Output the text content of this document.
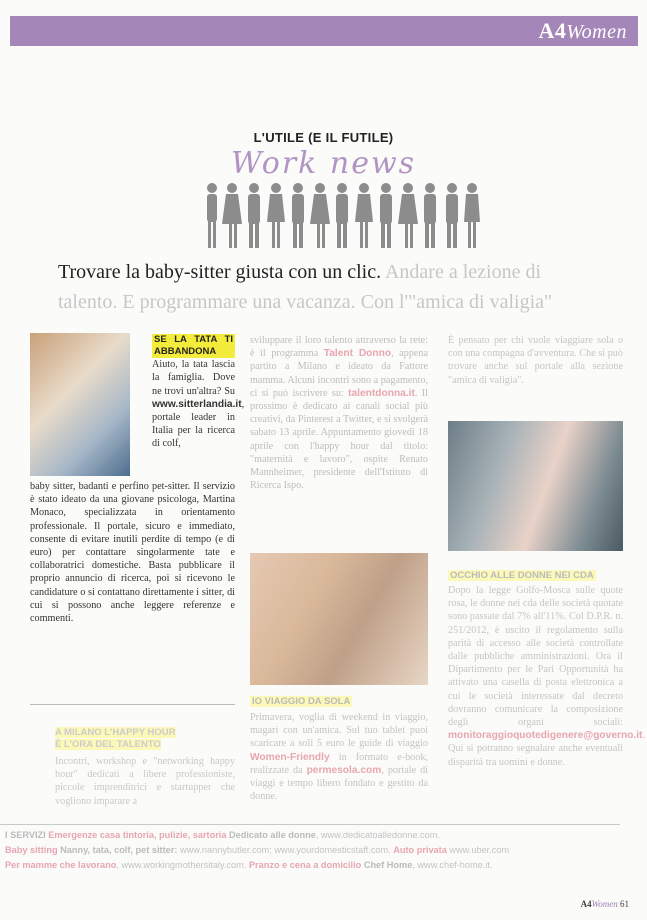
A4Women
L'UTILE (E IL FUTILE)
Work news
Trovare la baby-sitter giusta con un clic. Andare a lezione di talento. E programmare una vacanza. Con l'"amica di valigia"
SE LA TATA TI ABBANDONA Aiuto, la tata lascia la famiglia. Dove ne trovi un'altra? Su www.sitterlandia.it, portale leader in Italia per la ricerca di colf,
baby sitter, badanti e perfino pet-sitter. Il servizio è stato ideato da una giovane psicologa, Martina Monaco, specializzata in orientamento professionale. Il portale, sicuro e immediato, consente di evitare inutili perdite di tempo (e di euro) per contattare singolarmente tate e collaboratrici domestiche. Basta pubblicare il proprio annuncio di ricerca, poi si ricevono le candidature o si contattano direttamente i sitter, di cui si possono anche leggere referenze e commenti.
A MILANO L'HAPPY HOUR
È L'ORA DEL TALENTO
Incontri, workshop e "networking happy hour" dedicati a libere professioniste, piccole imprenditrici e startupper che vogliono imparare a
sviluppare il loro talento attraverso la rete: è il programma Talent Donno, appena partito a Milano e ideato da Fattore mamma. Alcuni incontri sono a pagamento, ci si può iscrivere su: talentdonna.it. Il prossimo è dedicato ai canali social più creativi, da Pinterest a Twitter, e si svolgerà sabato 13 aprile. Appuntamento giovedì 18 aprile con l'happy hour dal titolo: "maternità e lavoro", ospite Renato Mannheimer, presidente dell'Istituto di Ricerca Ispo.
IO VIAGGIO DA SOLA
Primavera, voglia di weekend in viaggio, magari con un'amica. Sul tuo tablet puoi scaricare a soli 5 euro le guide di viaggio Women-Friendly in formato e-book, realizzate da permesola.com, portale di viaggi e tempo libero fondato e gestito da donne.
È pensato per chi vuole viaggiare sola o con una compagna d'avventura. Che si può trovare anche sul portale alla sezione "amica di valigia".
OCCHIO ALLE DONNE NEI CDA
Dopo la legge Golfo-Mosca sulle quote rosa, le donne nei cda delle società quotate sono passate dal 7% all'11%. Col D.P.R. n. 251/2012, è uscito il regolamento sulla parità di accesso alle società controllate dalle pubbliche amministrazioni. Ora il Dipartimento per le Pari Opportunità ha attivato una casella di posta elettronica a cui le società interessate dal decreto dovranno comunicare la composizione degli organi sociali: monitoraggioquotedigenere@governo.it. Qui si potranno segnalare anche eventuali disparità tra uomini e donne.
I SERVIZI Emergenze casa tintoria, pulizie, sartoria Dedicato alle donne, www.dedicatoalledonne.com.
Baby sitting Nanny, tata, colf, pet sitter: www.nannybutler.com; www.yourdomesticstaff.com. Auto privata www.uber.com
Per mamme che lavorano, www.workingmothersitaly.com. Pranzo e cena a domicilio Chef Home, www.chef-home.it.
A4Women 61
